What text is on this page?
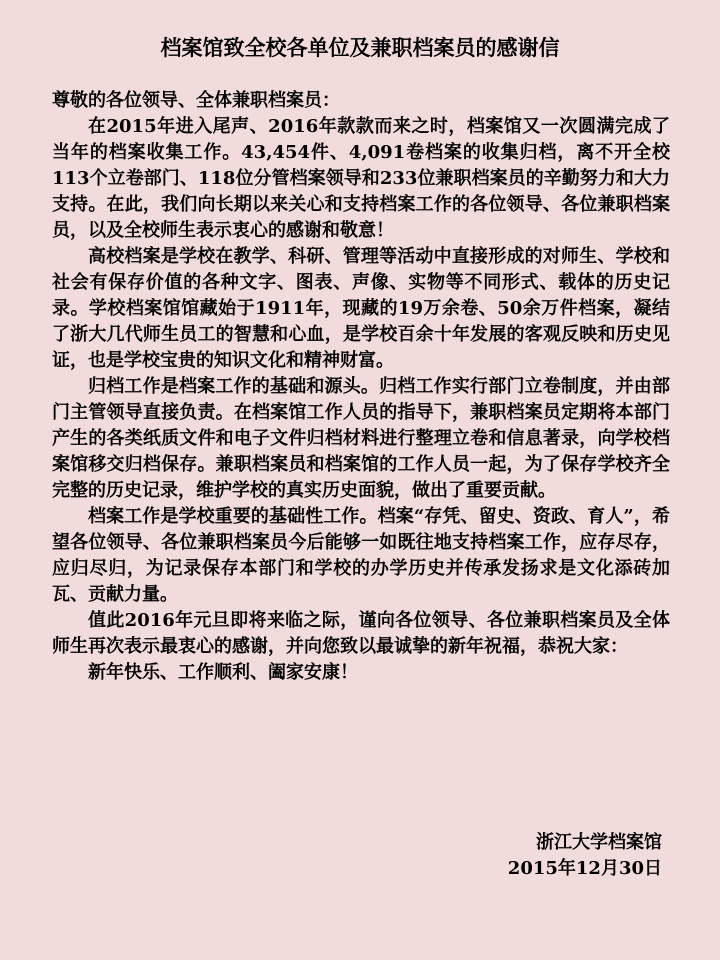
档案馆致全校各单位及兼职档案员的感谢信

尊敬的各位领导、全体兼职档案员：

在2015年进入尾声、2016年款款而来之时，档案馆又一次圆满完成了当年的档案收集工作。43,454件、4,091卷档案的收集归档，离不开全校113个立卷部门、118位分管档案领导和233位兼职档案员的辛勤努力和大力支持。在此，我们向长期以来关心和支持档案工作的各位领导、各位兼职档案员，以及全校师生表示衷心的感谢和敬意！

高校档案是学校在教学、科研、管理等活动中直接形成的对师生、学校和社会有保存价值的各种文字、图表、声像、实物等不同形式、载体的历史记录。学校档案馆馆藏始于1911年，现藏的19万余卷、50余万件档案，凝结了浙大几代师生员工的智慧和心血，是学校百余十年发展的客观反映和历史见证，也是学校宝贵的知识文化和精神财富。

归档工作是档案工作的基础和源头。归档工作实行部门立卷制度，并由部门主管领导直接负责。在档案馆工作人员的指导下，兼职档案员定期将本部门产生的各类纸质文件和电子文件归档材料进行整理立卷和信息著录，向学校档案馆移交归档保存。兼职档案员和档案馆的工作人员一起，为了保存学校齐全完整的历史记录，维护学校的真实历史面貌，做出了重要贡献。

档案工作是学校重要的基础性工作。档案“存凭、留史、资政、育人”，希望各位领导、各位兼职档案员今后能够一如既往地支持档案工作，应存尽存，应归尽归，为记录保存本部门和学校的办学历史并传承发扬求是文化添砖加瓦、贡献力量。

值此2016年元旦即将来临之际，谨向各位领导、各位兼职档案员及全体师生再次表示最衷心的感谢，并向您致以最诚挚的新年祝福，恭祝大家：

新年快乐、工作顺利、阖家安康！

浙江大学档案馆
2015年12月30日
